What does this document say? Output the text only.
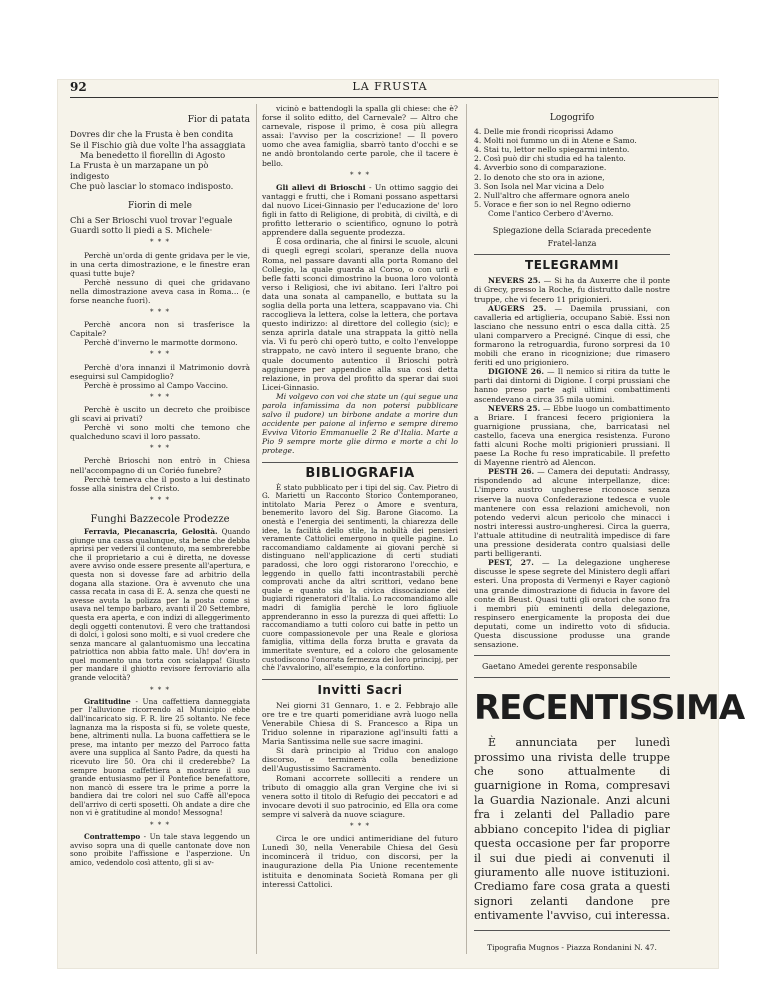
92	LA FRUSTA
Fior di patata
Dovres dir che la Frusta è ben condita
Se il Fischio già due volte l'ha assaggiata
Ma benedetto il fiorellin di Agosto
La Frusta è un marzapane un pò indigesto
Che può lasciar lo stomaco indisposto.
Fiorin di mele
Chi a Ser Brioschi vuol trovar l'eguale
Guardi sotto li piedi a S. Michele·
* * *

Perchè un'orda di gente gridava per le vie, in una certa dimostrazione, e le finestre eran quasi tutte buje?

Perchè nessuno di quei che gridavano nella dimostrazione aveva casa in Roma... (e forse neanche fuori).

* * *

Perchè ancora non si trasferisce la Capitale?

Perchè d'inverno le marmotte dormono.

* * *

Perchè d'ora innanzi il Matrimonio dovrà eseguirsi sul Campidoglio?

Perchè è prossimo al Campo Vaccino.

* * *

Perchè è uscito un decreto che proibisce gli scavi ai privati?

Perchè vi sono molti che temono che qualcheduno scavi il loro passato.

* * *

Perchè Brioschi non entrò in Chiesa nell'accompagno di un Coriéo funebre?

Perchè temeva che il posto a lui destinato fosse alla sinistra del Cristo.

* * *
Funghi Bazzecole Prodezze

Ferravia, Piecanascria, Gelosità. Quando giunge una cassa qualunque, sta bene che debba aprirsi per vedersi il contenuto, ma sembrerebbe che il proprietario a cui è diretta, ne dovesse avere avviso onde essere presente all'apertura, e questa non si dovesse fare ad arbitrio della dogana alla stazione. Ora è avvenuto che una cassa recata in casa di E. A. senza che questi ne avesse avuta la polizza per la posta come si usava nel tempo barbaro, avanti il 20 Settembre, questa era aperta, e con indizi di alleggerimento degli oggetti contenutovi. È vero che trattandosi di dolci, i golosi sono molti, e si vuol credere che senza mancare al galantuomismo una leccatina patriottica non abbia fatto male. Uh! dov'era in quel momento una torta con scialappa! Giusto per mandare il ghiotto revisore ferroviario alla grande velocità?

* * *

Gratitudine - Una caffettiera danneggiata per l'alluvione ricorrendo al Municipio ebbe dall'incaricato sig. F. R. lire 25 soltanto. Ne fece lagnanza ma la risposta si fù, se volete queste, bene, altrimenti nulla. La buona caffettiera se le prese, ma intanto per mezzo del Parroco fatta avere una supplica al Santo Padre, da questi ha ricevuto lire 50. Ora chi il crederebbe? La sempre buona caffettiera a mostrare il suo grande entusiasmo per il Pontefice benefattore, non mancò di essere tra le prime a porre la bandiera dai tre colori nel suo Caffè all'epoca dell'arrivo di certi sposetti. Oh andate a dire che non vi è gratitudine al mondo! Messogna!

* * *

Contrattempo - Un tale stava leggendo un avviso sopra una di quelle cantonate dove non sono proibite l'affissione e l'asperzione. Un amico, vedendolo così attento, gli si av-

vicinò e battendogli la spalla gli chiese: che è? forse il solito editto, del Carnevale? — Altro che carnevale, rispose il primo, è cosa più allegra assai: l'avviso per la coscrizione! — Il povero uomo che avea famiglia, sbarrò tanto d'occhi e se ne andò brontolando certe parole, che il tacere è bello.

* * *

Gli allevi di Brioschi - Un ottimo saggio dei vantaggi e frutti, che i Romani possano aspettarsi dal nuovo Licei-Ginnasio per l'educazione de' loro figli in fatto di Religione, di probità, di civiltà, e di profitto letterario o scientifico, ognuno lo potrà apprendere dalla seguente prodezza.

È cosa ordinaria, che al finirsi le scuole, alcuni di quegli egregi scolari, speranze della nuova Roma, nel passare davanti alla porta Romano del Collegio, la quale guarda al Corso, o con urli e befle fatti sconci dimostrino la buona loro volontà verso i Religiosi, che ivi abitano. Ieri l'altro poi data una sonata al campanello, e buttata su la soglia della porta una lettera, scappavano via. Chi raccoglieva la lettera, colse la lettera, che portava questo indirizzo: al direttore del collegio (sic); e senza aprirla datale una strappata la gittò nella via. Vi fu però chi operò tutto, e colto l'enveloppe strappato, ne cavò intero il seguente brano, che quale documento autentico il Brioschi potrà aggiungere per appendice alla sua così detta relazione, in prova del profitto da sperar dai suoi Licei-Ginnasio.

Mi volgevo con voi che state un (qui segue una parola infamissima da non potersi pubblicare salvo il pudore) un birbone andate a morire dun accidente per paione al inferno e sempre diremo Evviva Vitorio Emmanuelle 2 Re d'Italia. Marte a Pio 9 sempre morte glie dirmo e morte a chi lo protege.

BIBLIOGRAFIA

È stato pubblicato per i tipi del sig. Cav. Pietro di G. Marietti un Racconto Storico Contemporaneo, intitolato Maria Perez o Amore e sventura, benemerito lavoro del Sig. Barone Giacomo. La onestà e l'energia dei sentimenti, la chiarezza delle idee, la facilità dello stile, la nobiltà dei pensieri veramente Cattolici emergono in quelle pagine. Lo raccomandiamo caldamente ai giovani perchè si distinguano nell'applicazione di certi studiati paradossi, che loro oggi ristorarono l'orecchio, e leggendo in quello fatti incontrastabili perchè comprovati anche da altri scrittori, vedano bene quale e quanto sia la civica dissociazione dei bugiardi rigeneratori d'Italia. Lo raccomandiamo alle madri di famiglia perchè le loro figliuole apprenderanno in esso la purezza di quei affetti: Lo raccomandiamo a tutti coloro cui batte in petto un cuore compassionevole per una Reale e gloriosa famiglia, vittima della forza brutta e gravata da immeritate sventure, ed a coloro che gelosamente custodiscono l'onorata fermezza dei loro principj, per chè l'avvalorino, all'esempio, e la confortino.

Invitti Sacri

Nei giorni 31 Gennaro, 1. e 2. Febbrajo alle ore tre e tre quarti pomeridiane avrà luogo nella Venerabile Chiesa di S. Francesco a Ripa un Triduo solenne in riparazione agl'insulti fatti a Maria Santissima nelle sue sacre imagini.

Si darà principio al Triduo con analogo discorso, e terminerà colla benedizione dell'Augustissimo Sacramento.

Romani accorrete sollleciti a rendere un tributo di omaggio alla gran Vergine che ivi si venera sotto il titolo di Refugio dei peccatori e ad invocare devoti il suo patrocinio, ed Ella ora come sempre vi salverà da nuove sciagure.

* * *

Circa le ore undici antimeridiane del futuro Lunedì 30, nella Venerabile Chiesa del Gesù incomincerà il triduo, con discorsi, per la inaugurazione della Pia Unione recentemente istituita e denominata Società Romana per gli interessi Cattolici.

Logogrifo
4. Delle mie frondi ricoprissi Adamo
4. Molti noi fummo un di in Atene e Samo.
4. Stai tu, lettor nello spiegarmi intento.
2. Così può dir chi studia ed ha talento.
4. Avverbio sono di comparazione.
2. Io denoto che sto ora in azione,
3. Son Isola nel Mar vicina a Delo
2. Null'altro che affermare ognora anelo
5. Vorace e fier son io nel Regno odierno
Come l'antico Cerbero d'Averno.
Spiegazione della Sciarada precedente
Fratel-lanza
TELEGRAMMI

NEVERS 25. — Si ha da Auxerre che il ponte di Grecy, presso la Roche, fu distrutto dalle nostre truppe, che vi fecero 11 prigionieri.

AUGERS 25. — Daemila prussiani, con cavalleria ed artiglieria, occupano Sabiè. Essi non lasciano che nessuno entri o esca dalla città. 25 ulani comparvero a Precigné. Cinque di essi, che formarono la retroguardia, furono sorpresi da 10 mobili che erano in ricognizione; due rimasero feriti ed uno prigioniero.

DIGIONE 26. — Il nemico si ritira da tutte le parti dai dintorni di Digione. I corpi prussiani che hanno preso parte agli ultimi combattimenti ascendevano a circa 35 mila uomini.

NEVERS 25. — Ebbe luogo un combattimento a Briare. I francesi fecero prigioniera la guarnigione prussiana, che, barricatasi nel castello, faceva una energica resistenza. Furono fatti alcuni Roche molti prigionieri prussiani. Il paese La Roche fu reso impraticabile. Il prefetto di Mayenne rientrò ad Alencon.

PESTH 26. — Camera dei deputati: Andrassy, rispondendo ad alcune interpellanze, dice: L'impero austro ungherese riconosce senza riserve la nuova Confederazione tedesca e vuole mantenere con essa relazioni amichevoli, non potendo vedervi alcun pericolo che minacci i nostri interessi austro-ungheresi. Circa la guerra, l'attuale attitudine di neutralità impedisce di fare una pressione desiderata contro qualsiasi delle parti belligeranti.

PEST, 27. — La delegazione ungherese discusse le spese segrete del Ministero degli affari esteri. Una proposta di Vermenyi e Rayer cagionò una grande dimostrazione di fiducia in favore del conte di Beust. Quasi tutti gli oratori che sono fra i membri più eminenti della delegazione, respinsero energicamente la proposta dei due deputati, come un indiretto voto di sfiducia. Questa discussione produsse una grande sensazione.

Gaetano Amedei gerente responsabile
RECENTISSIMA

È annunciata per lunedì prossimo una rivista delle truppe che sono attualmente di guarnigione in Roma, compresavi la Guardia Nazionale. Anzi alcuni fra i zelanti del Palladio pare abbiano concepito l'idea di pigliar questa occasione per far proporre il sui due piedi ai convenuti il giuramento alle nuove istituzioni. Crediamo fare cosa grata a questi signori zelanti dandone pre entivamente l'avviso, cui interessa.

Tipografia Mugnos - Piazza Rondanini N. 47.
